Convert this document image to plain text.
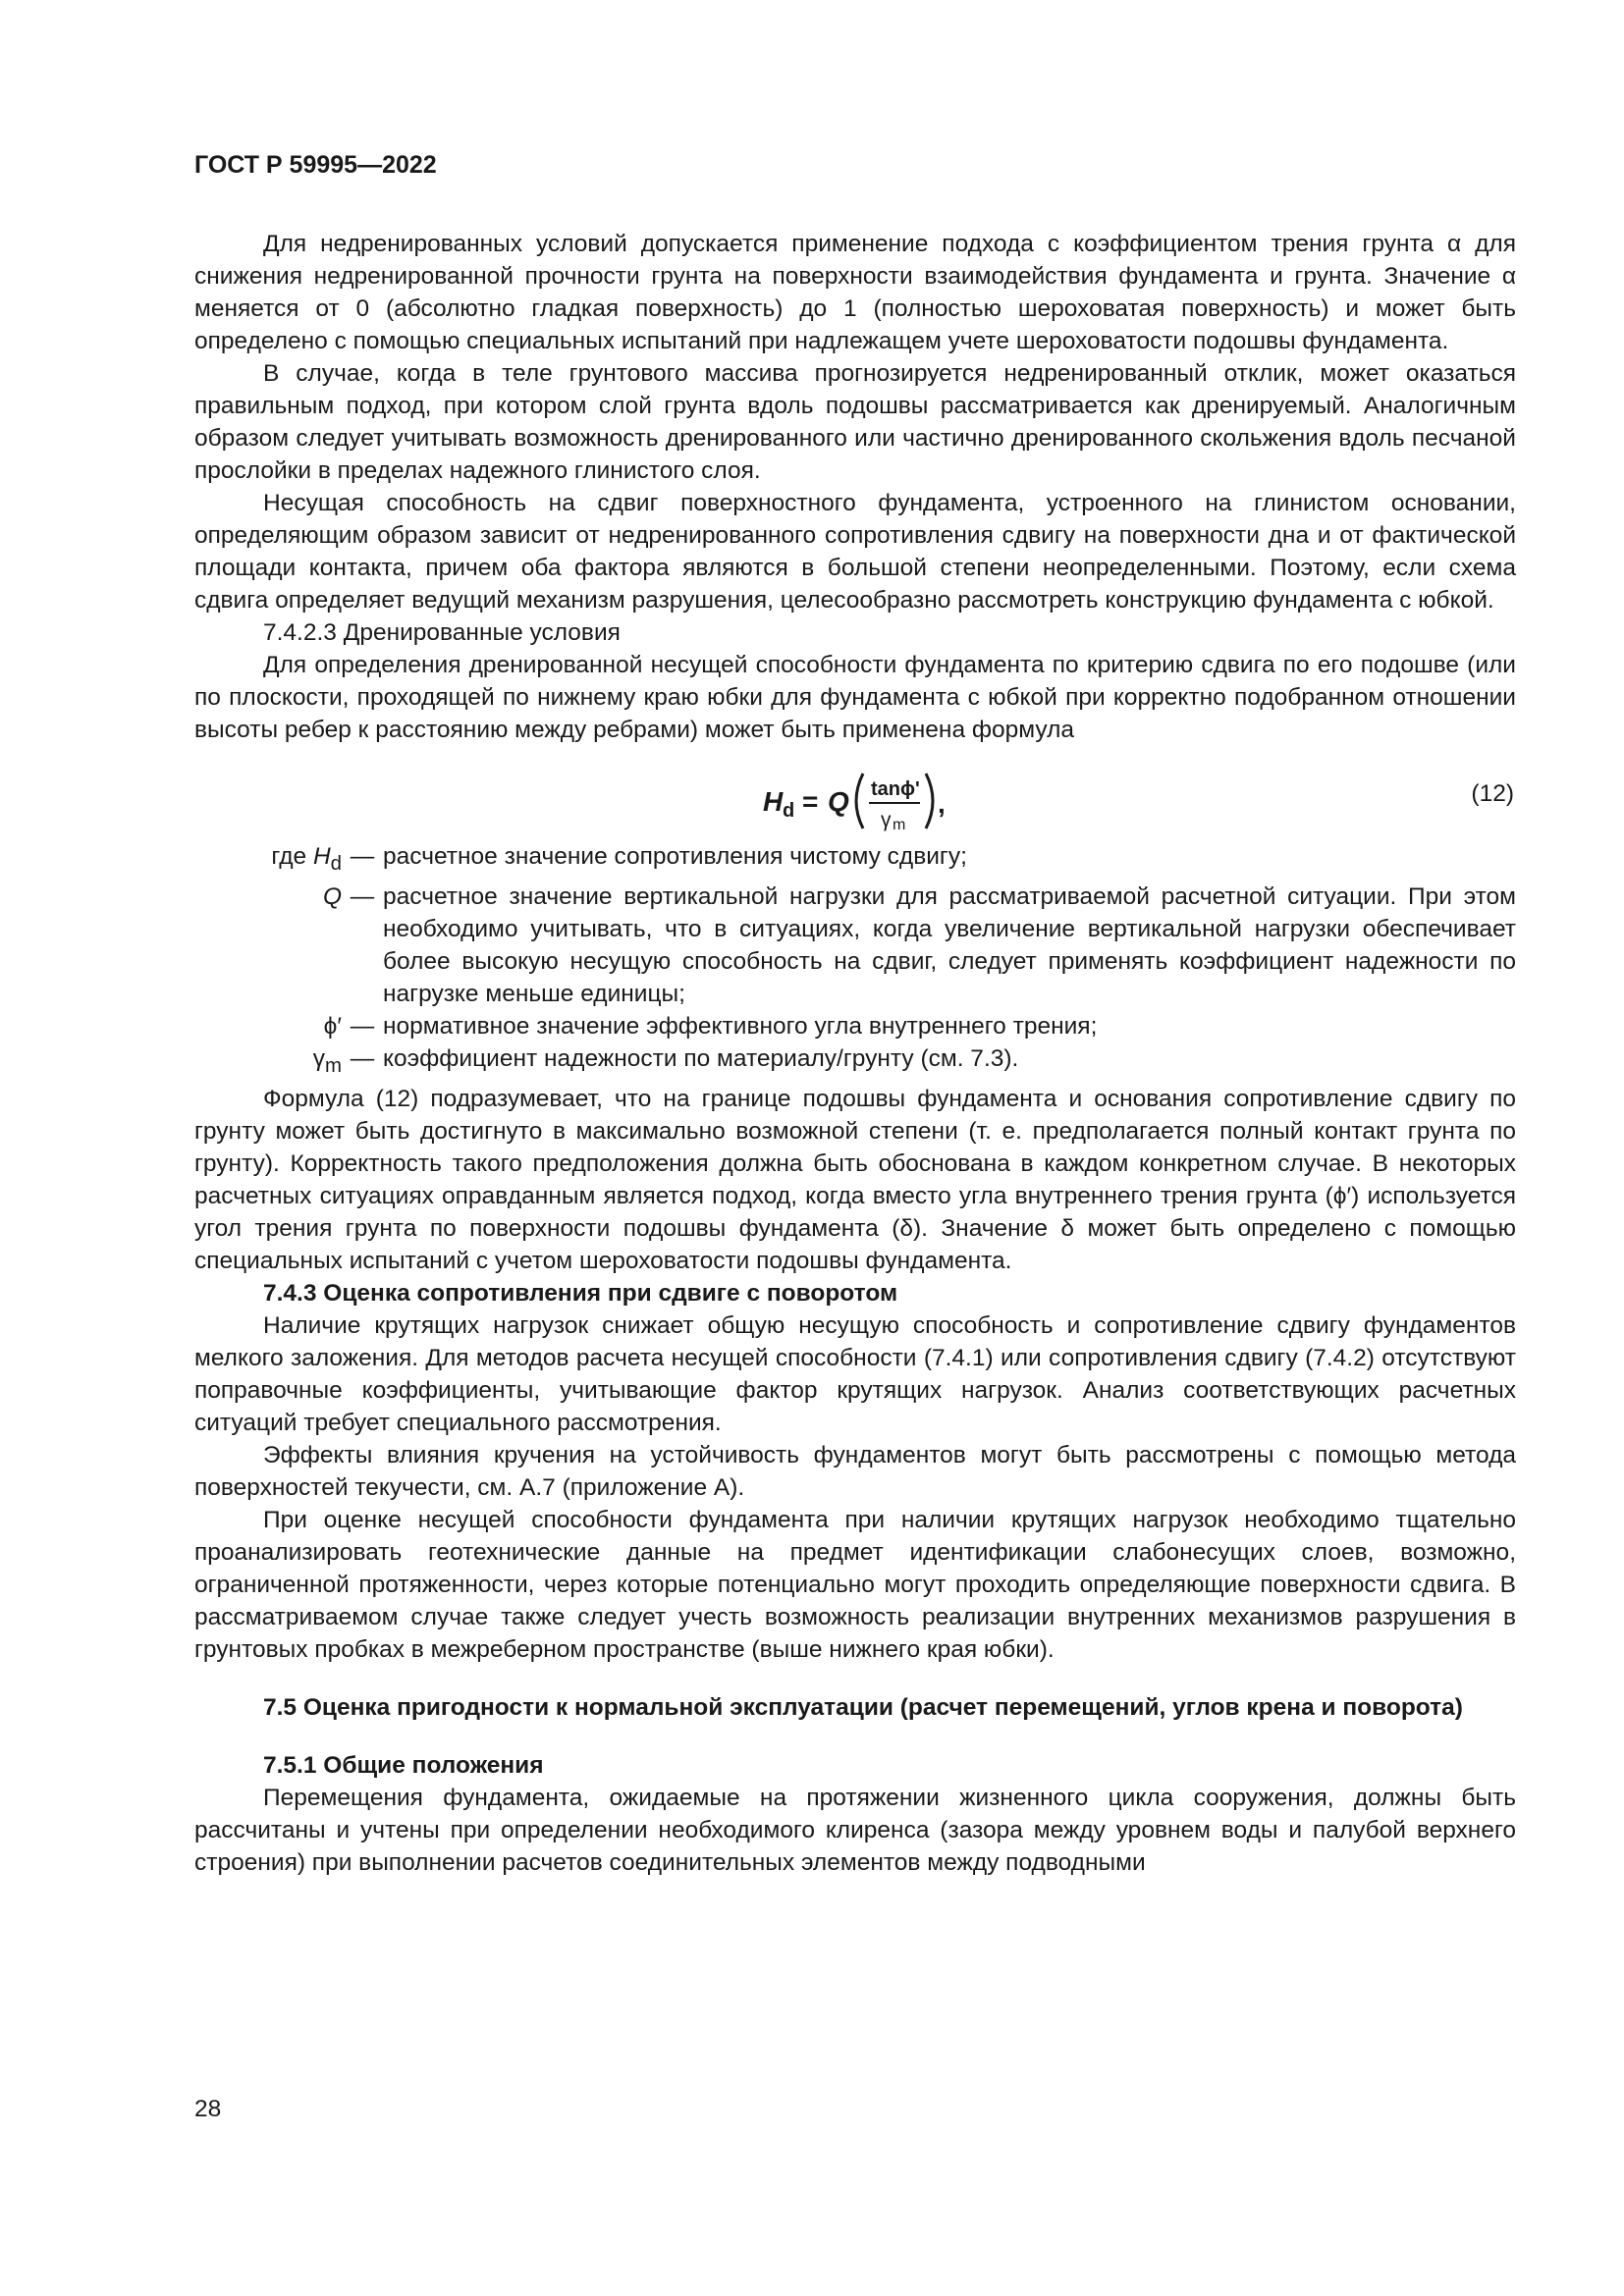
ГОСТ Р 59995—2022

Для недренированных условий допускается применение подхода с коэффициентом трения грунта α для снижения недренированной прочности грунта на поверхности взаимодействия фундамента и грунта. Значение α меняется от 0 (абсолютно гладкая поверхность) до 1 (полностью шероховатая поверхность) и может быть определено с помощью специальных испытаний при надлежащем учете шероховатости подошвы фундамента.

В случае, когда в теле грунтового массива прогнозируется недренированный отклик, может оказаться правильным подход, при котором слой грунта вдоль подошвы рассматривается как дренируемый. Аналогичным образом следует учитывать возможность дренированного или частично дренированного скольжения вдоль песчаной прослойки в пределах надежного глинистого слоя.

Несущая способность на сдвиг поверхностного фундамента, устроенного на глинистом основании, определяющим образом зависит от недренированного сопротивления сдвигу на поверхности дна и от фактической площади контакта, причем оба фактора являются в большой степени неопределенными. Поэтому, если схема сдвига определяет ведущий механизм разрушения, целесообразно рассмотреть конструкцию фундамента с юбкой.

7.4.2.3 Дренированные условия

Для определения дренированной несущей способности фундамента по критерию сдвига по его подошве (или по плоскости, проходящей по нижнему краю юбки для фундамента с юбкой при корректно подобранном отношении высоты ребер к расстоянию между ребрами) может быть применена формула

H d = Q tanϕ'
γ m
,	(12)
где $H_d$ — расчетное значение сопротивления чистому сдвигу;
Q — расчетное значение вертикальной нагрузки для рассматриваемой расчетной ситуации. При этом необходимо учитывать, что в ситуациях, когда увеличение вертикальной нагрузки обеспечивает более высокую несущую способность на сдвиг, следует применять коэффициент надежности по нагрузке меньше единицы;
ϕ′ — нормативное значение эффективного угла внутреннего трения;
$\gamma_m$ — коэффициент надежности по материалу/грунту (см. 7.3).

Формула (12) подразумевает, что на границе подошвы фундамента и основания сопротивление сдвигу по грунту может быть достигнуто в максимально возможной степени (т. е. предполагается полный контакт грунта по грунту). Корректность такого предположения должна быть обоснована в каждом конкретном случае. В некоторых расчетных ситуациях оправданным является подход, когда вместо угла внутреннего трения грунта (ϕ′) используется угол трения грунта по поверхности подошвы фундамента (δ). Значение δ может быть определено с помощью специальных испытаний с учетом шероховатости подошвы фундамента.

7.4.3 Оценка сопротивления при сдвиге с поворотом

Наличие крутящих нагрузок снижает общую несущую способность и сопротивление сдвигу фундаментов мелкого заложения. Для методов расчета несущей способности (7.4.1) или сопротивления сдвигу (7.4.2) отсутствуют поправочные коэффициенты, учитывающие фактор крутящих нагрузок. Анализ соответствующих расчетных ситуаций требует специального рассмотрения.

Эффекты влияния кручения на устойчивость фундаментов могут быть рассмотрены с помощью метода поверхностей текучести, см. А.7 (приложение А).

При оценке несущей способности фундамента при наличии крутящих нагрузок необходимо тщательно проанализировать геотехнические данные на предмет идентификации слабонесущих слоев, возможно, ограниченной протяженности, через которые потенциально могут проходить определяющие поверхности сдвига. В рассматриваемом случае также следует учесть возможность реализации внутренних механизмов разрушения в грунтовых пробках в межреберном пространстве (выше нижнего края юбки).

7.5 Оценка пригодности к нормальной эксплуатации (расчет перемещений, углов крена и поворота)

7.5.1 Общие положения

Перемещения фундамента, ожидаемые на протяжении жизненного цикла сооружения, должны быть рассчитаны и учтены при определении необходимого клиренса (зазора между уровнем воды и палубой верхнего строения) при выполнении расчетов соединительных элементов между подводными

28
